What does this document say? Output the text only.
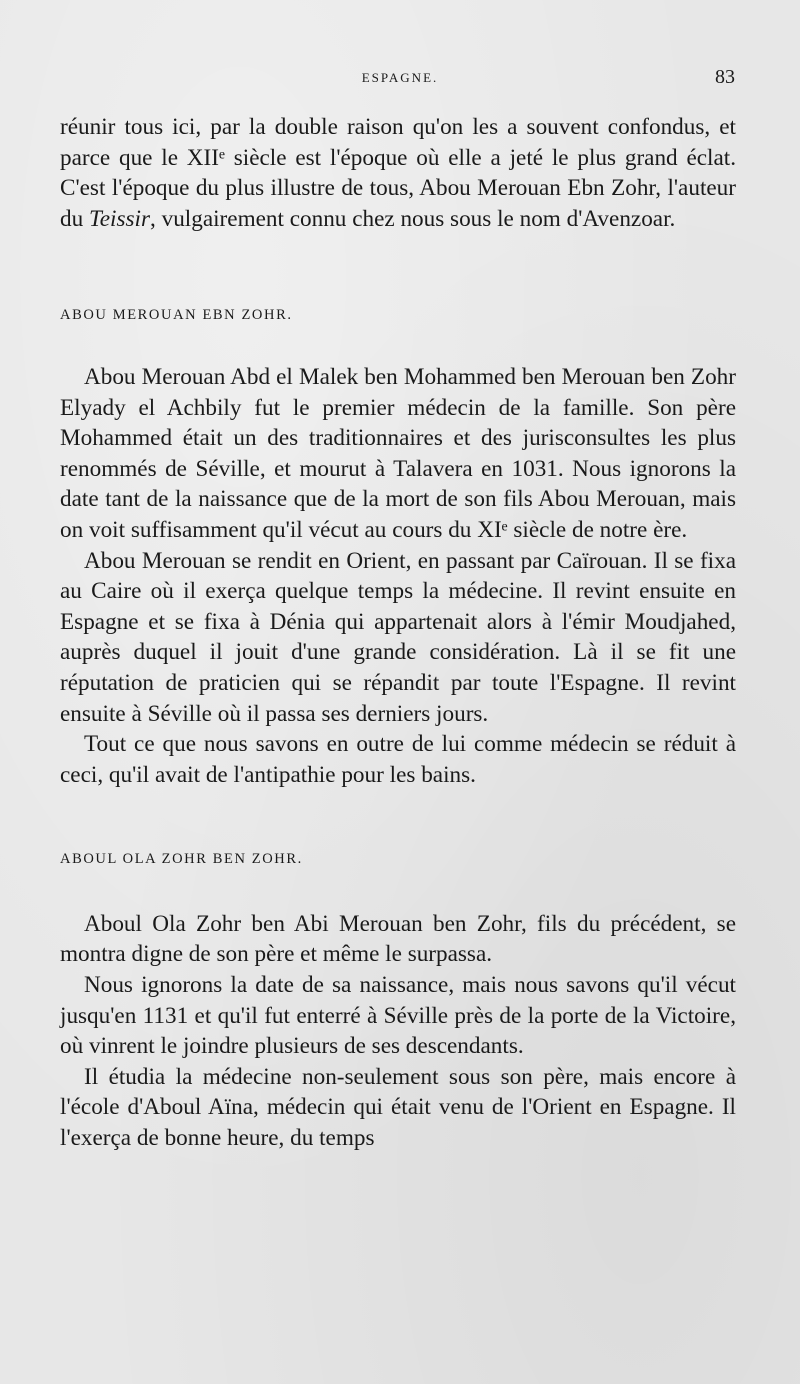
ESPAGNE.	83

réunir tous ici, par la double raison qu'on les a souvent confondus, et parce que le XIIᵉ siècle est l'époque où elle a jeté le plus grand éclat. C'est l'époque du plus illustre de tous, Abou Merouan Ebn Zohr, l'auteur du Teissir, vulgairement connu chez nous sous le nom d'Avenzoar.

ABOU MEROUAN EBN ZOHR.

Abou Merouan Abd el Malek ben Mohammed ben Merouan ben Zohr Elyady el Achbily fut le premier médecin de la famille. Son père Mohammed était un des traditionnaires et des jurisconsultes les plus renommés de Séville, et mourut à Talavera en 1031. Nous ignorons la date tant de la naissance que de la mort de son fils Abou Merouan, mais on voit suffisamment qu'il vécut au cours du XIᵉ siècle de notre ère.

Abou Merouan se rendit en Orient, en passant par Caïrouan. Il se fixa au Caire où il exerça quelque temps la médecine. Il revint ensuite en Espagne et se fixa à Dénia qui appartenait alors à l'émir Moudjahed, auprès duquel il jouit d'une grande considération. Là il se fit une réputation de praticien qui se répandit par toute l'Espagne. Il revint ensuite à Séville où il passa ses derniers jours.

Tout ce que nous savons en outre de lui comme médecin se réduit à ceci, qu'il avait de l'antipathie pour les bains.

ABOUL OLA ZOHR BEN ZOHR.

Aboul Ola Zohr ben Abi Merouan ben Zohr, fils du précédent, se montra digne de son père et même le surpassa.

Nous ignorons la date de sa naissance, mais nous savons qu'il vécut jusqu'en 1131 et qu'il fut enterré à Séville près de la porte de la Victoire, où vinrent le joindre plusieurs de ses descendants.

Il étudia la médecine non-seulement sous son père, mais encore à l'école d'Aboul Aïna, médecin qui était venu de l'Orient en Espagne. Il l'exerça de bonne heure, du temps
